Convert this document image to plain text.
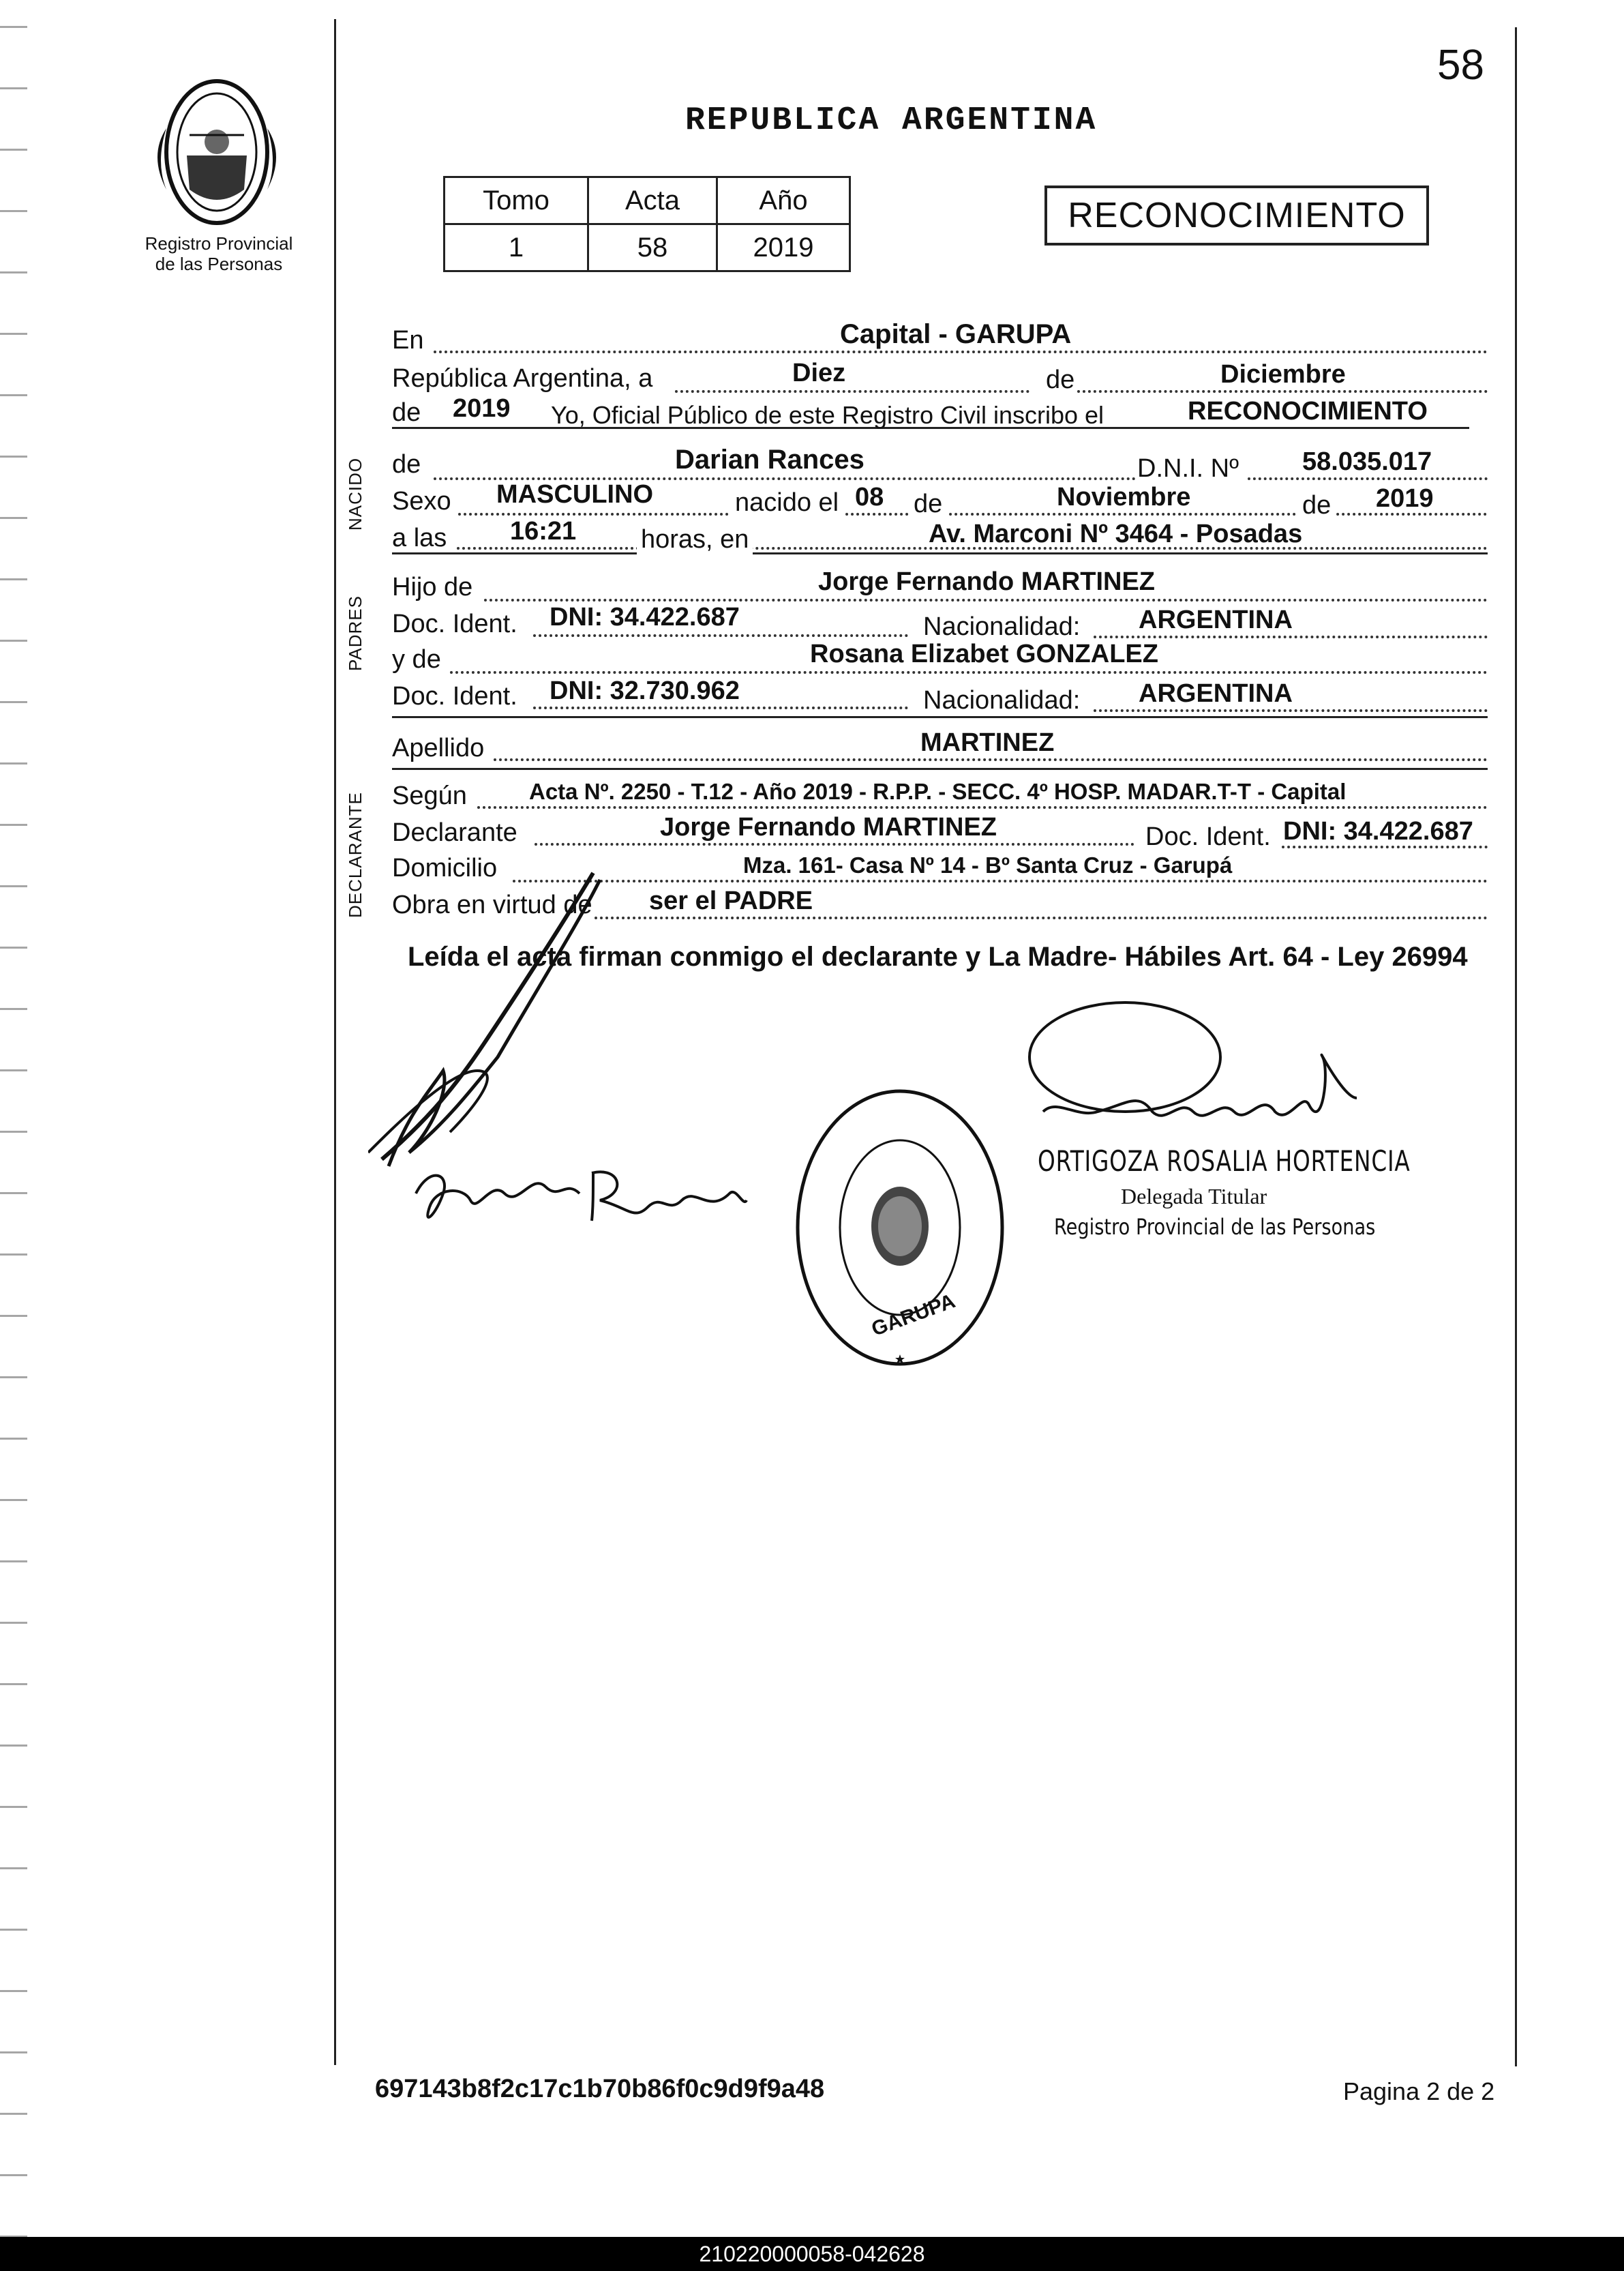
58
Registro Provincial
de las Personas
REPUBLICA ARGENTINA
Tomo	Acta	Año
1	58	2019
RECONOCIMIENTO
NACIDO
PADRES
DECLARANTE
En	Capital - GARUPA
República Argentina, a	Diez	de	Diciembre
de 2019 Yo, Oficial Público de este Registro Civil inscribo el	RECONOCIMIENTO
de	Darian Rances	D.N.I. Nº 58.035.017
Sexo MASCULINO	nacido el 08 de	Noviembre	de 2019
a las 16:21 horas, en	Av. Marconi Nº 3464 - Posadas
Hijo de	Jorge Fernando MARTINEZ
Doc. Ident. DNI: 34.422.687	Nacionalidad: ARGENTINA
y de	Rosana Elizabet GONZALEZ
Doc. Ident. DNI: 32.730.962	Nacionalidad: ARGENTINA
Apellido	MARTINEZ
Según	Acta Nº. 2250 - T.12 - Año 2019 - R.P.P. - SECC. 4º HOSP. MADAR.T-T - Capital
Declarante	Jorge Fernando MARTINEZ	Doc. Ident. DNI: 34.422.687
Domicilio	Mza. 161- Casa Nº 14 - Bº Santa Cruz - Garupá
Obra en virtud de ser el PADRE
Leída el acta firman conmigo el declarante y La Madre- Hábiles Art. 64 - Ley 26994
GARUPA
ORTIGOZA ROSALIA HORTENCIA
Delegada Titular
Registro Provincial de las Personas
697143b8f2c17c1b70b86f0c9d9f9a48	Pagina 2 de 2
210220000058-042628
